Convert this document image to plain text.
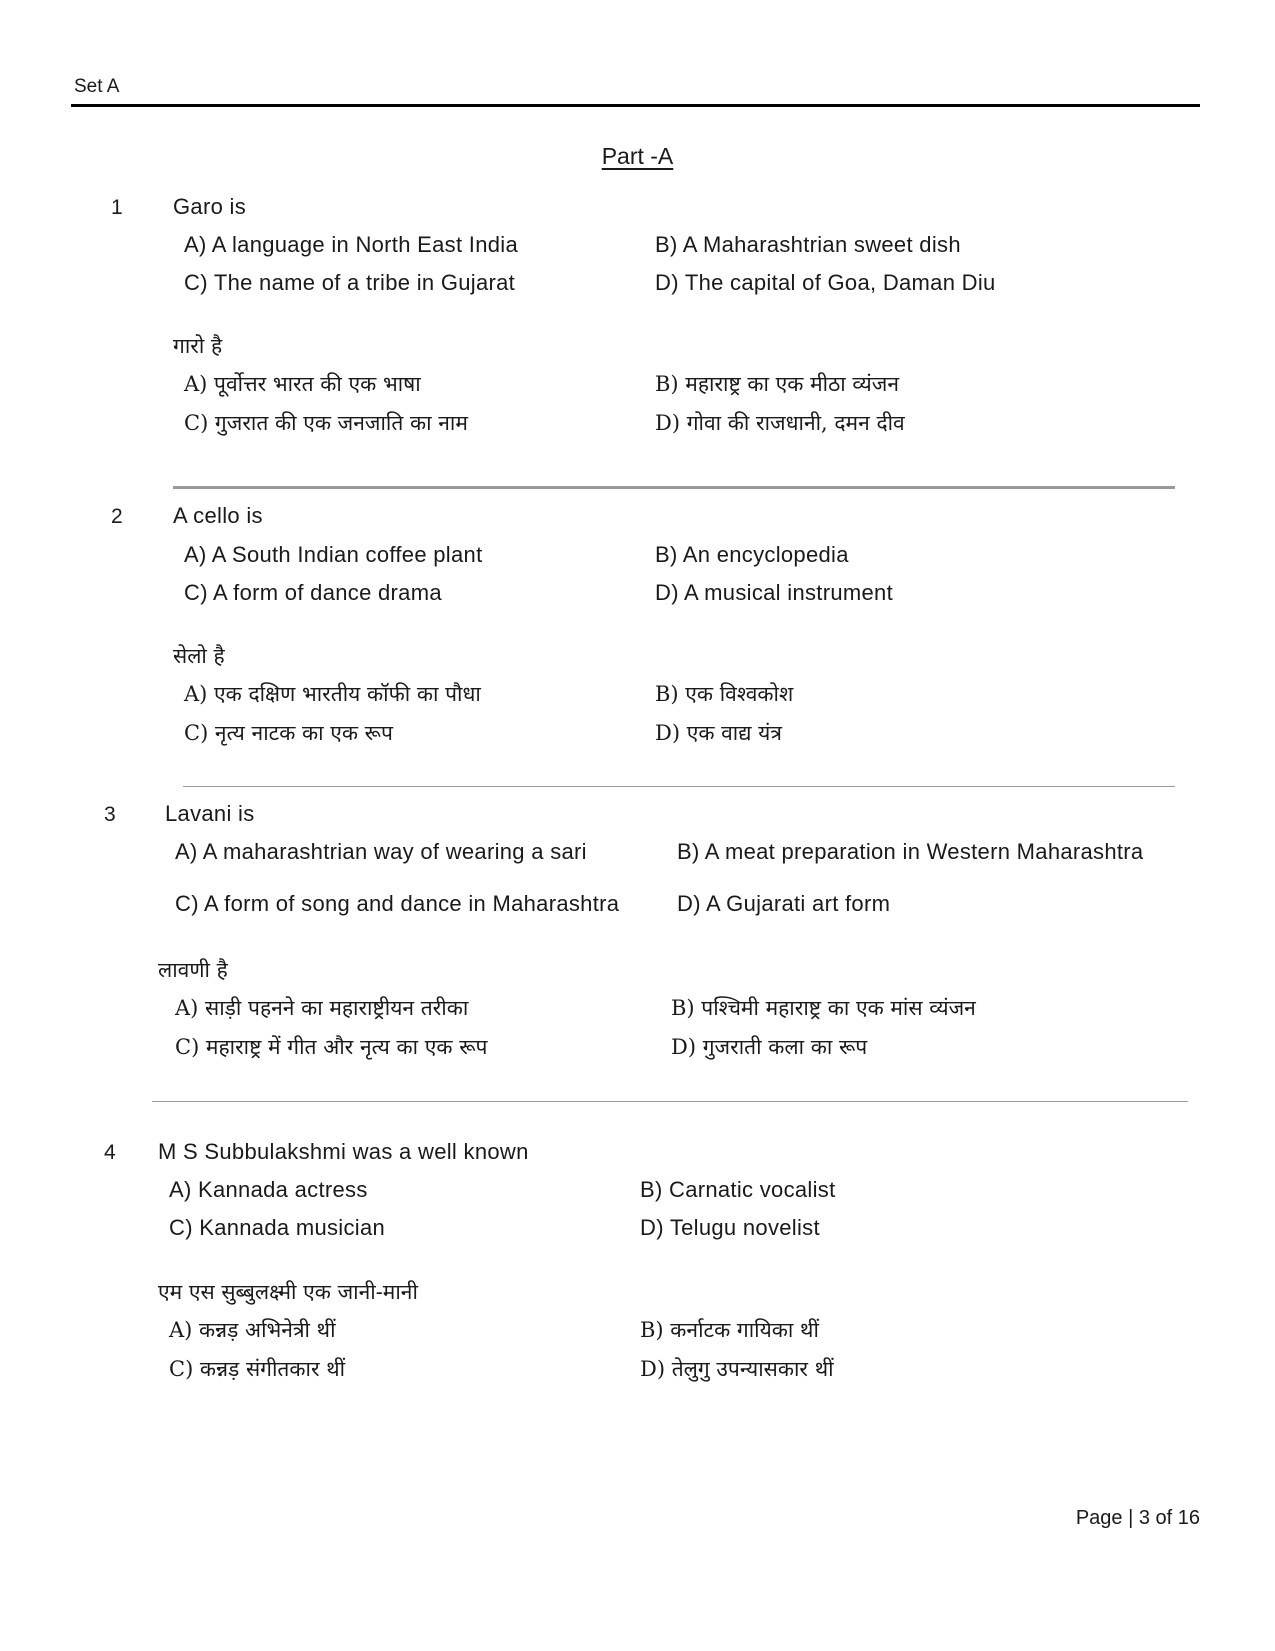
Set A
Part -A
1 Garo is
A) A language in North East India	B) A Maharashtrian sweet dish
C) The name of a tribe in Gujarat	D) The capital of Goa, Daman Diu
गारो है
A) पूर्वोत्तर भारत की एक भाषा	B) महाराष्ट्र का एक मीठा व्यंजन
C) गुजरात की एक जनजाति का नाम	D) गोवा की राजधानी, दमन दीव
2 A cello is
A) A South Indian coffee plant	B) An encyclopedia
C) A form of dance drama	D) A musical instrument
सेलो है
A) एक दक्षिण भारतीय कॉफी का पौधा	B) एक विश्वकोश
C) नृत्य नाटक का एक रूप	D) एक वाद्य यंत्र
3 Lavani is
A) A maharashtrian way of wearing a sari	B) A meat preparation in Western Maharashtra
C) A form of song and dance in Maharashtra	D) A Gujarati art form
लावणी है
A) साड़ी पहनने का महाराष्ट्रीयन तरीका	B) पश्चिमी महाराष्ट्र का एक मांस व्यंजन
C) महाराष्ट्र में गीत और नृत्य का एक रूप	D) गुजराती कला का रूप
4 M S Subbulakshmi was a well known
A) Kannada actress	B) Carnatic vocalist
C) Kannada musician	D) Telugu novelist
एम एस सुब्बुलक्ष्मी एक जानी-मानी
A) कन्नड़ अभिनेत्री थीं	B) कर्नाटक गायिका थीं
C) कन्नड़ संगीतकार थीं	D) तेलुगु उपन्यासकार थीं
Page | 3 of 16
